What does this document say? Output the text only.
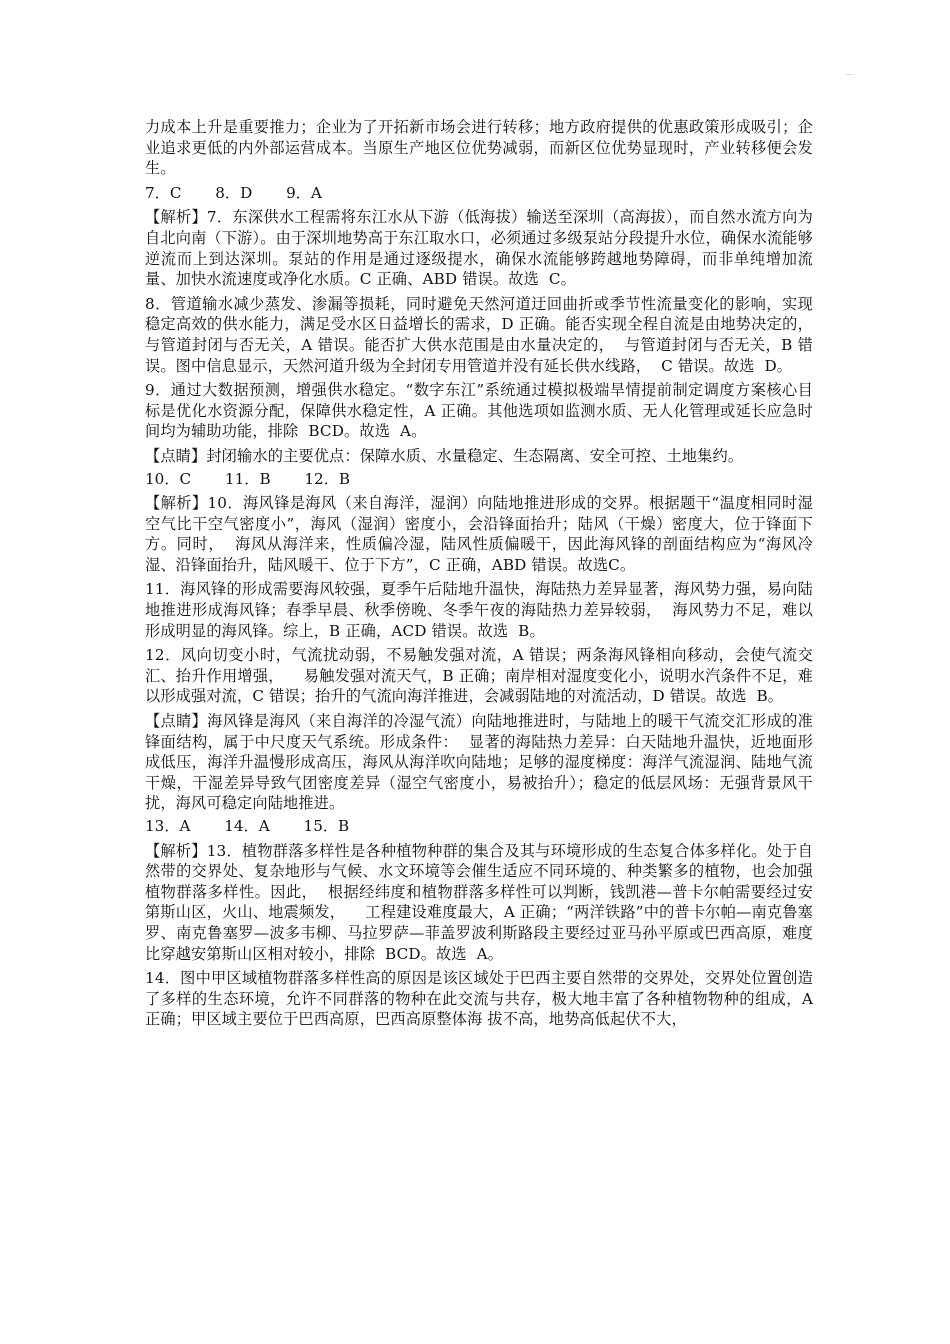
力成本上升是重要推力；企业为了开拓新市场会进行转移；地方政府提供的优惠政策形成吸引；企业追求更低的内外部运营成本。当原生产地区位优势减弱，而新区位优势显现时，产业转移便会发生。

7．C       8．D       9．A

【解析】7．东深供水工程需将东江水从下游（低海拔）输送至深圳（高海拔），而自然水流方向为自北向南（下游）。由于深圳地势高于东江取水口，必须通过多级泵站分段提升水位，确保水流能够逆流而上到达深圳。泵站的作用是通过逐级提水，确保水流能够跨越地势障碍，而非单纯增加流量、加快水流速度或净化水质。C 正确、ABD 错误。故选  C。

8．管道输水减少蒸发、渗漏等损耗，同时避免天然河道迂回曲折或季节性流量变化的影响，实现稳定高效的供水能力，满足受水区日益增长的需求，D 正确。能否实现全程自流是由地势决定的，与管道封闭与否无关，A 错误。能否扩大供水范围是由水量决定的，  与管道封闭与否无关，B 错误。图中信息显示，天然河道升级为全封闭专用管道并没有延长供水线路，  C 错误。故选  D。

9．通过大数据预测，增强供水稳定。“数字东江”系统通过模拟极端旱情提前制定调度方案核心目标是优化水资源分配，保障供水稳定性，A 正确。其他选项如监测水质、无人化管理或延长应急时间均为辅助功能，排除  BCD。故选  A。

【点睛】封闭输水的主要优点：保障水质、水量稳定、生态隔离、安全可控、土地集约。

10．C       11．B       12．B

【解析】10．海风锋是海风（来自海洋，湿润）向陆地推进形成的交界。根据题干“温度相同时湿空气比干空气密度小”，海风（湿润）密度小，会沿锋面抬升；陆风（干燥）密度大，位于锋面下方。同时，  海风从海洋来，性质偏冷湿，陆风性质偏暖干，因此海风锋的剖面结构应为“海风冷湿、沿锋面抬升，陆风暖干、位于下方”，C 正确，ABD 错误。故选C。

11．海风锋的形成需要海风较强，夏季午后陆地升温快，海陆热力差异显著，海风势力强，易向陆地推进形成海风锋；春季早晨、秋季傍晚、冬季午夜的海陆热力差异较弱，  海风势力不足，难以形成明显的海风锋。综上，B 正确，ACD 错误。故选  B。

12．风向切变小时，气流扰动弱，不易触发强对流，A 错误；两条海风锋相向移动，会使气流交汇、抬升作用增强，    易触发强对流天气，B 正确；南岸相对湿度变化小，说明水汽条件不足，难以形成强对流，C 错误；抬升的气流向海洋推进，会减弱陆地的对流活动，D 错误。故选  B。

【点睛】海风锋是海风（来自海洋的冷湿气流）向陆地推进时，与陆地上的暖干气流交汇形成的准锋面结构，属于中尺度天气系统。形成条件：  显著的海陆热力差异：白天陆地升温快，近地面形成低压，海洋升温慢形成高压，海风从海洋吹向陆地；足够的湿度梯度：海洋气流湿润、陆地气流干燥，干湿差异导致气团密度差异（湿空气密度小，易被抬升）；稳定的低层风场：无强背景风干扰，海风可稳定向陆地推进。

13．A       14．A       15．B

【解析】13．植物群落多样性是各种植物种群的集合及其与环境形成的生态复合体多样化。处于自然带的交界处、复杂地形与气候、水文环境等会催生适应不同环境的、种类繁多的植物，也会加强植物群落多样性。因此，  根据经纬度和植物群落多样性可以判断，钱凯港—普卡尔帕需要经过安第斯山区，火山、地震频发，    工程建设难度最大，A 正确；“两洋铁路”中的普卡尔帕—南克鲁塞罗、南克鲁塞罗—波多韦柳、马拉罗萨—菲盖罗波利斯路段主要经过亚马孙平原或巴西高原，难度比穿越安第斯山区相对较小，排除  BCD。故选  A。

14．图中甲区域植物群落多样性高的原因是该区域处于巴西主要自然带的交界处，交界处位置创造了多样的生态环境，允许不同群落的物种在此交流与共存，极大地丰富了各种植物物种的组成，A 正确；甲区域主要位于巴西高原，巴西高原整体海 拔不高，地势高低起伏不大，
